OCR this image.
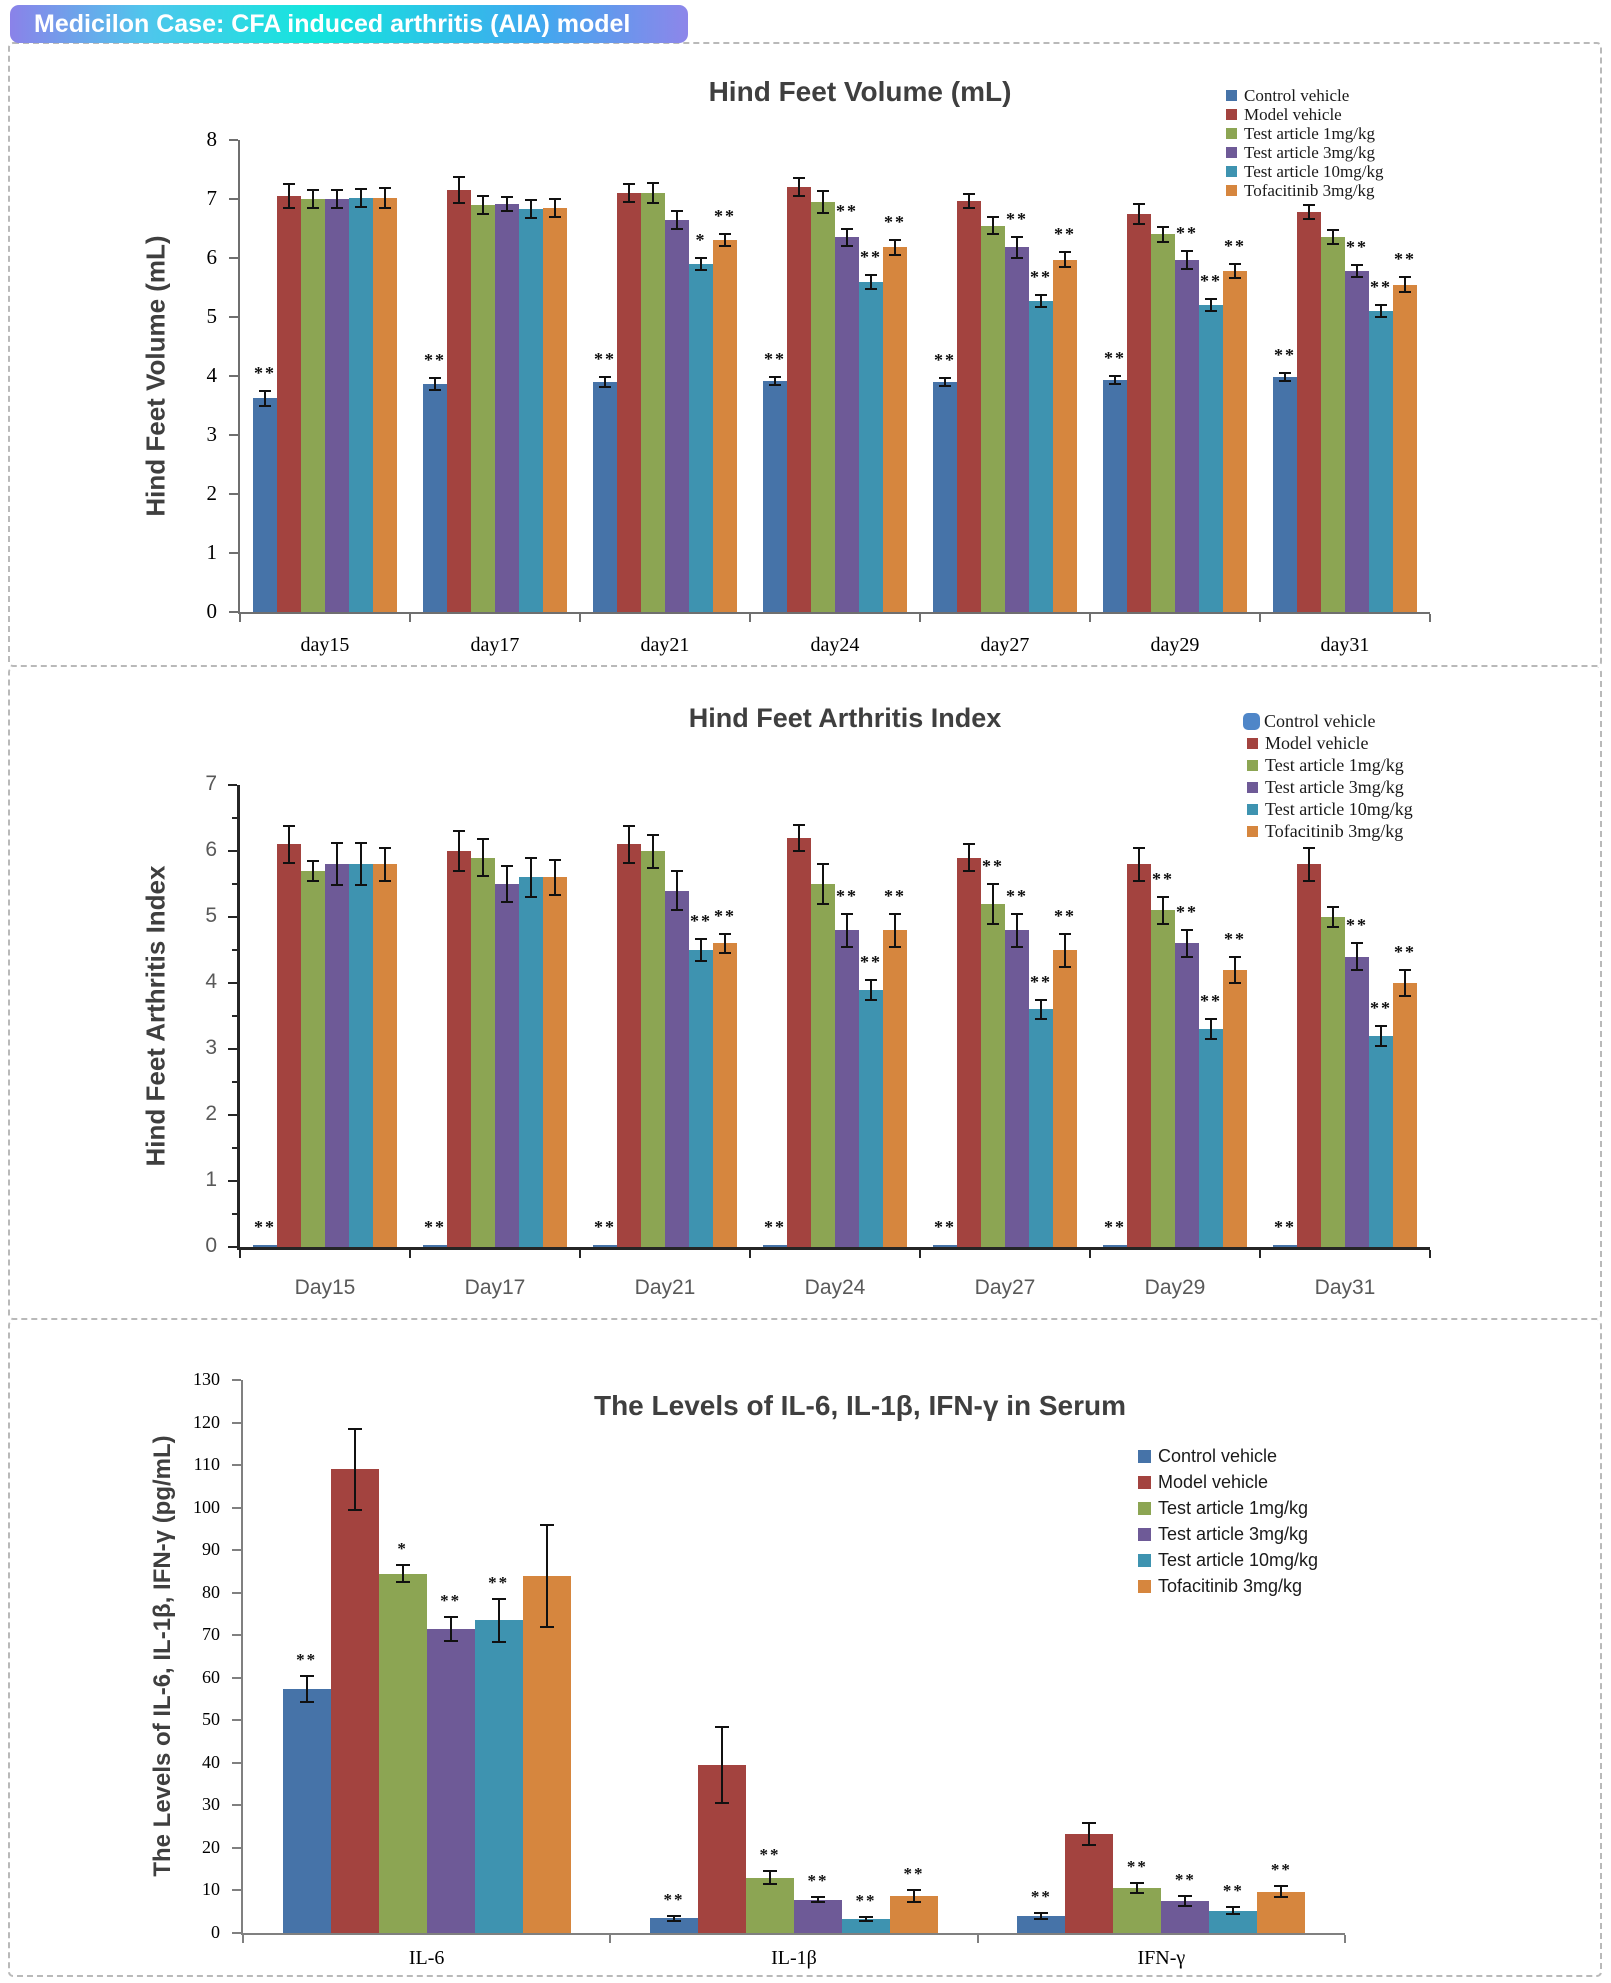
Medicilon Case: CFA induced arthritis (AIA) model
Hind Feet Volume (mL)
Hind Feet Volume (mL)
0
1
2
3
4
5
6
7
8
day15	day17	day21	day24	day27	day29	day31
**
**	**	**	**	**	**
**	**
**
**
*
**
**	**	**
**	**
**
**
**
Control vehicle
Model vehicle
Test article 1mg/kg
Test article 3mg/kg
Test article 10mg/kg
Tofacitinib 3mg/kg
Hind Feet Arthritis Index
Hind Feet Arthritis Index
0
1
2
3
4
5
6
7
Day15	Day17	Day21	Day24	Day27	Day29	Day31
**	**	**	**	**	**	**
**
**
**	**
**
**
**
**
**
**	**
**
**
**
**
**
Control vehicle
Model vehicle
Test article 1mg/kg
Test article 3mg/kg
Test article 10mg/kg
Tofacitinib 3mg/kg
The Levels of IL-6, IL-1β, IFN-γ in Serum
The Levels of IL-6, IL-1β, IFN-γ (pg/mL)
0
10
20
30
40
50
60
70
80
90
100
110
120
130
IL-6	IL-1β	IFN-γ
**
**	**
*
**
**
**
**	**
**
**	**
**	**
Control vehicle
Model vehicle
Test article 1mg/kg
Test article 3mg/kg
Test article 10mg/kg
Tofacitinib 3mg/kg
